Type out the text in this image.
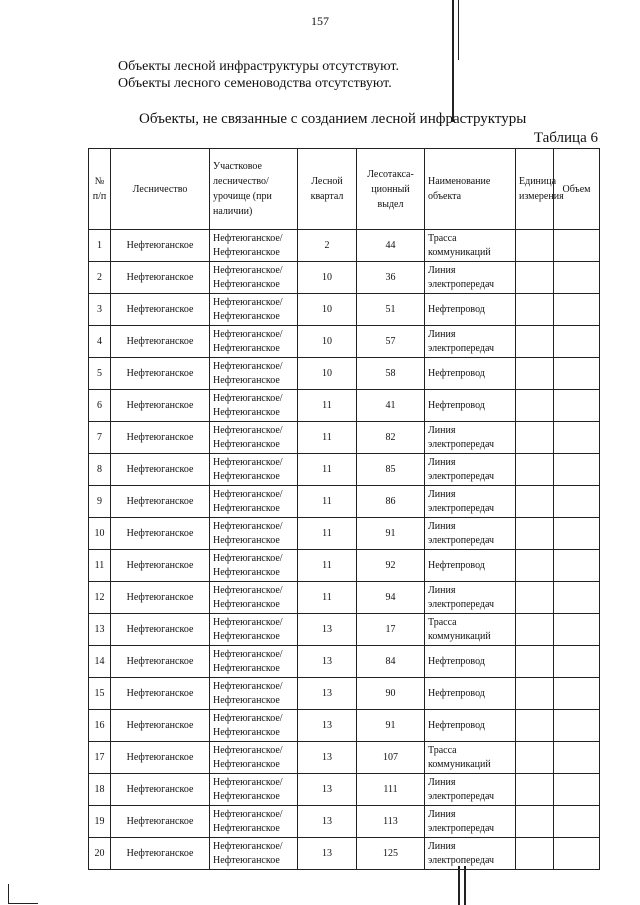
157
Объекты лесной инфраструктуры отсутствуют.
Объекты лесного семеноводства отсутствуют.
Объекты, не связанные с созданием лесной инфраструктуры
Таблица 6
№ п/п	Лесничество	Участковое лесничество/урочище (при наличии)	Лесной квартал	Лесотакса-ционный выдел	Наименование объекта	Единица измерения	Объем
1	Нефтеюганское	Нефтеюганское/ Нефтеюганское	2	44	Трасса коммуникаций		
2	Нефтеюганское	Нефтеюганское/ Нефтеюганское	10	36	Линия электропередач		
3	Нефтеюганское	Нефтеюганское/ Нефтеюганское	10	51	Нефтепровод		
4	Нефтеюганское	Нефтеюганское/ Нефтеюганское	10	57	Линия электропередач		
5	Нефтеюганское	Нефтеюганское/ Нефтеюганское	10	58	Нефтепровод		
6	Нефтеюганское	Нефтеюганское/ Нефтеюганское	11	41	Нефтепровод		
7	Нефтеюганское	Нефтеюганское/ Нефтеюганское	11	82	Линия электропередач		
8	Нефтеюганское	Нефтеюганское/ Нефтеюганское	11	85	Линия электропередач		
9	Нефтеюганское	Нефтеюганское/ Нефтеюганское	11	86	Линия электропередач		
10	Нефтеюганское	Нефтеюганское/ Нефтеюганское	11	91	Линия электропередач		
11	Нефтеюганское	Нефтеюганское/ Нефтеюганское	11	92	Нефтепровод		
12	Нефтеюганское	Нефтеюганское/ Нефтеюганское	11	94	Линия электропередач		
13	Нефтеюганское	Нефтеюганское/ Нефтеюганское	13	17	Трасса коммуникаций		
14	Нефтеюганское	Нефтеюганское/ Нефтеюганское	13	84	Нефтепровод		
15	Нефтеюганское	Нефтеюганское/ Нефтеюганское	13	90	Нефтепровод		
16	Нефтеюганское	Нефтеюганское/ Нефтеюганское	13	91	Нефтепровод		
17	Нефтеюганское	Нефтеюганское/ Нефтеюганское	13	107	Трасса коммуникаций		
18	Нефтеюганское	Нефтеюганское/ Нефтеюганское	13	111	Линия электропередач		
19	Нефтеюганское	Нефтеюганское/ Нефтеюганское	13	113	Линия электропередач		
20	Нефтеюганское	Нефтеюганское/ Нефтеюганское	13	125	Линия электропередач		
